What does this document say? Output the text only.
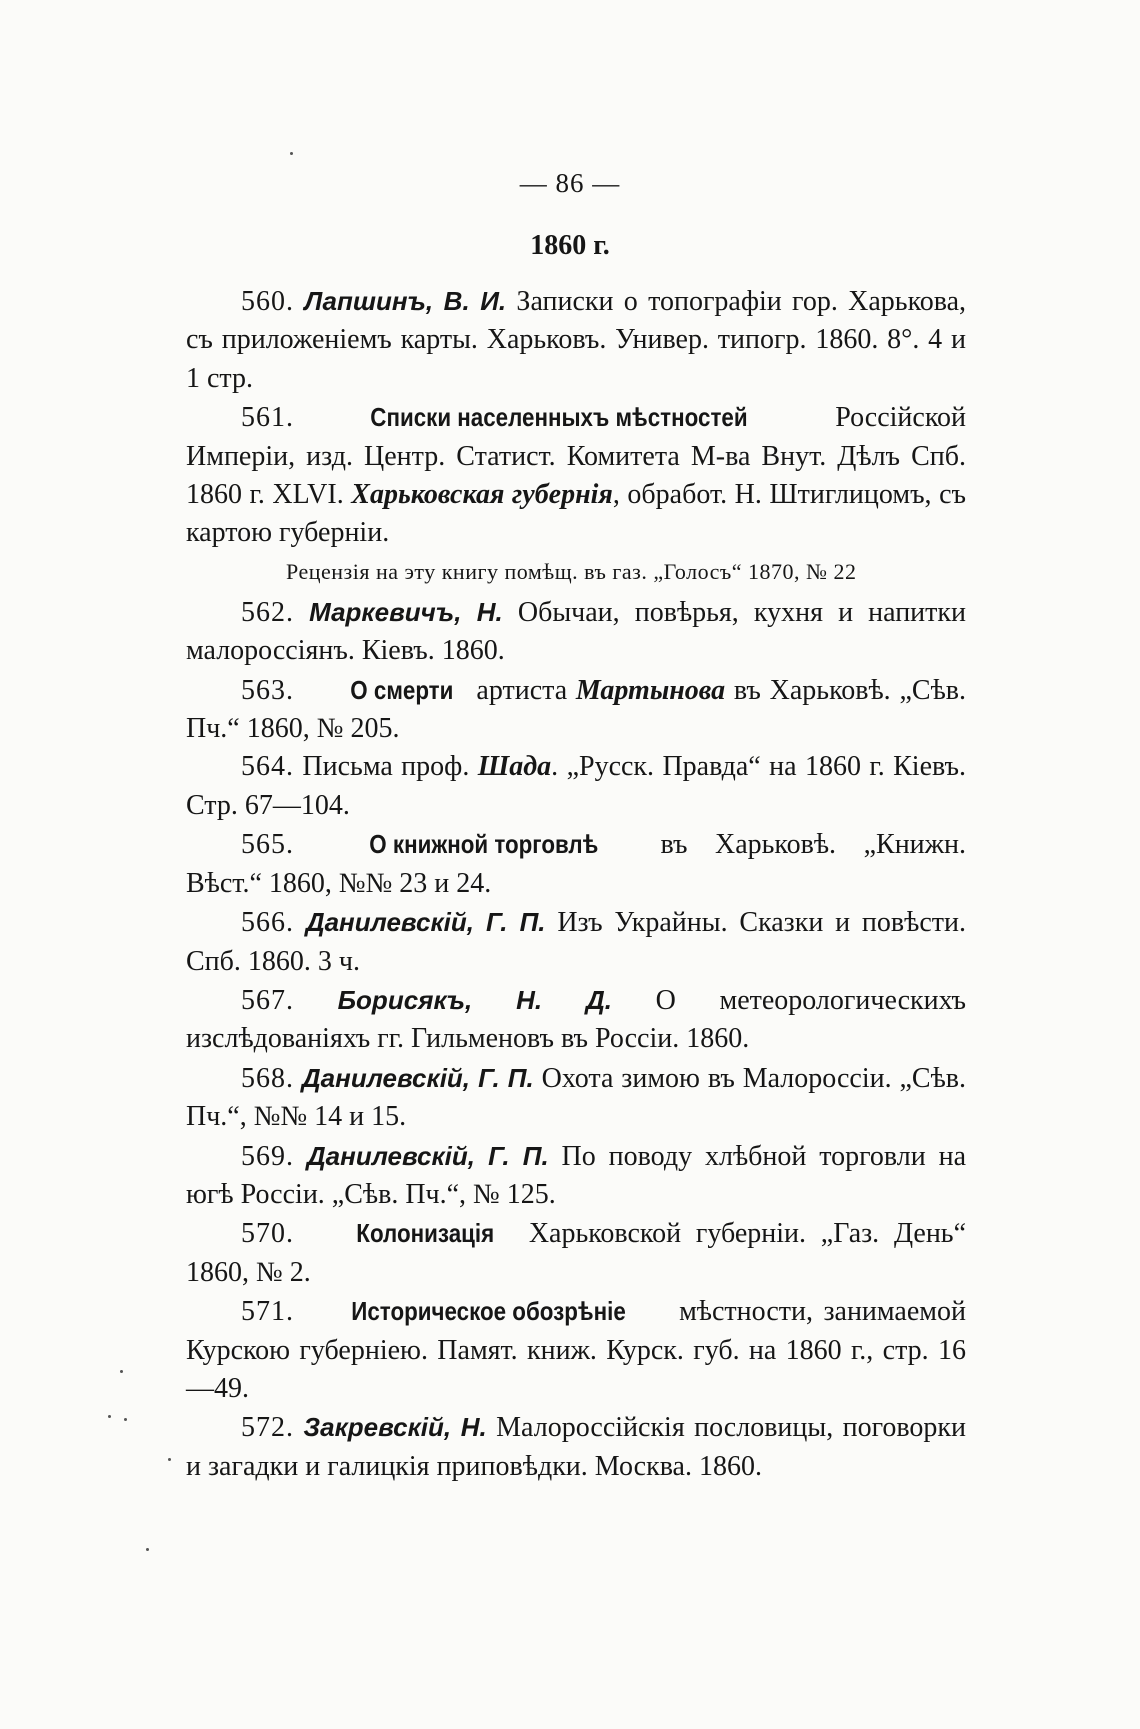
— 86 —
1860 г.

560. Лапшинъ, В. И. Записки о топографіи гор. Харькова, съ приложеніемъ карты. Харьковъ. Универ. типогр. 1860. 8°. 4 и 1 стр.

561.	Списки населенныхъ мѣстностей Россійской Имперіи, изд. Центр. Статист. Комитета М-ва Внут. Дѣлъ Спб. 1860 г. XLVI. Харьковская губернія, обработ. Н. Штиглицомъ, съ картою губерніи.

Рецензія на эту книгу помѣщ. въ газ. „Голосъ“ 1870, № 22

562. Маркевичъ, Н. Обычаи, повѣрья, кухня и напитки малороссіянъ. Кіевъ. 1860.

563. О смерти артиста Мартынова въ Харьковѣ. „Сѣв. Пч.“ 1860, № 205.

564. Письма проф. Шада. „Русск. Правда“ на 1860 г. Кіевъ. Стр. 67—104.

565.	О книжной торговлѣ въ Харьковѣ. „Книжн. Вѣст.“ 1860, №№ 23 и 24.

566. Данилевскій, Г. П. Изъ Украйны. Сказки и повѣсти. Спб. 1860. 3 ч.

567. Борисякъ, Н. Д. О метеорологическихъ изслѣдованіяхъ гг. Гильменовъ въ Россіи. 1860.

568. Данилевскій, Г. П. Охота зимою въ Малороссіи. „Сѣв. Пч.“, №№ 14 и 15.

569. Данилевскій, Г. П. По поводу хлѣбной торговли на югѣ Россіи. „Сѣв. Пч.“, № 125.

570. Колонизація Харьковской губерніи. „Газ. День“ 1860, № 2.

571. Историческое обозрѣніе мѣстности, занимаемой Курскою губерніею. Памят. книж. Курск. губ. на 1860 г., стр. 16—49.

572. Закревскій, Н. Малороссійскія пословицы, поговорки и загадки и галицкія приповѣдки. Москва. 1860.
